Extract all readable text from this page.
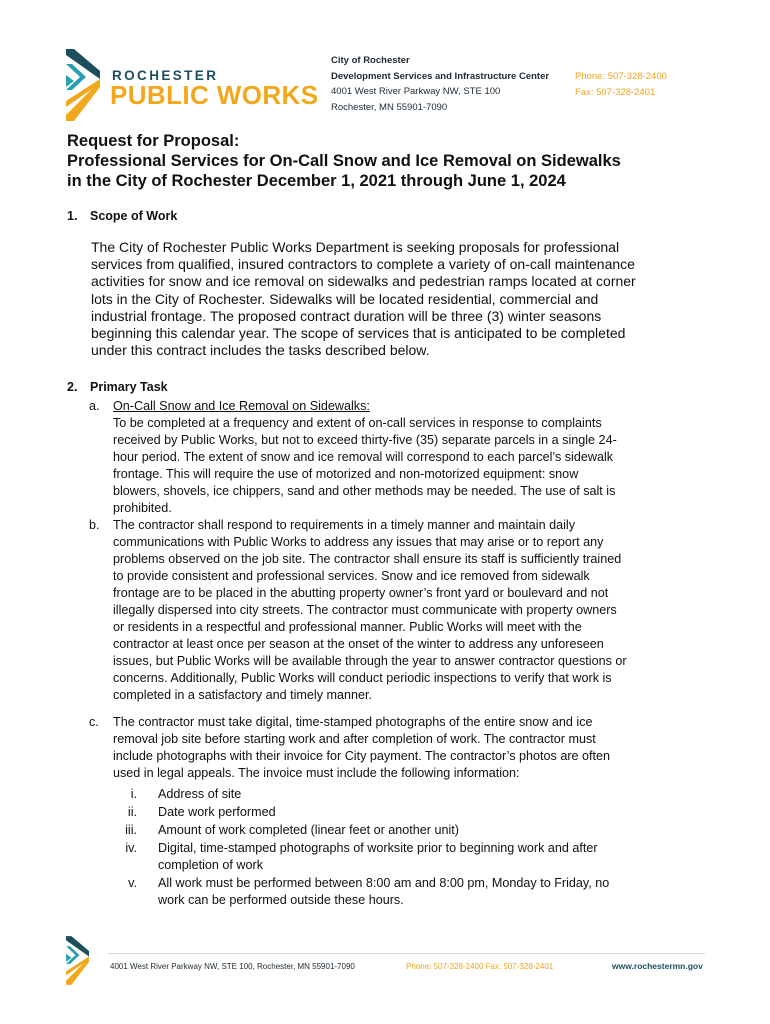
ROCHESTER
PUBLIC WORKS
City of Rochester
Development Services and Infrastructure Center
4001 West River Parkway NW, STE 100
Rochester, MN 55901-7090
Phone: 507-328-2400
Fax: 507-328-2401
Request for Proposal:
Professional Services for On-Call Snow and Ice Removal on Sidewalks
in the City of Rochester December 1, 2021 through June 1, 2024
1. Scope of Work
The City of Rochester Public Works Department is seeking proposals for professional
services from qualified, insured contractors to complete a variety of on-call maintenance
activities for snow and ice removal on sidewalks and pedestrian ramps located at corner
lots in the City of Rochester. Sidewalks will be located residential, commercial and
industrial frontage. The proposed contract duration will be three (3) winter seasons
beginning this calendar year. The scope of services that is anticipated to be completed
under this contract includes the tasks described below.
2. Primary Task
a.	On-Call Snow and Ice Removal on Sidewalks:
To be completed at a frequency and extent of on-call services in response to complaints
received by Public Works, but not to exceed thirty-five (35) separate parcels in a single 24-
hour period. The extent of snow and ice removal will correspond to each parcel’s sidewalk
frontage. This will require the use of motorized and non-motorized equipment: snow
blowers, shovels, ice chippers, sand and other methods may be needed. The use of salt is
prohibited.
b.	The contractor shall respond to requirements in a timely manner and maintain daily
communications with Public Works to address any issues that may arise or to report any
problems observed on the job site. The contractor shall ensure its staff is sufficiently trained
to provide consistent and professional services. Snow and ice removed from sidewalk
frontage are to be placed in the abutting property owner’s front yard or boulevard and not
illegally dispersed into city streets. The contractor must communicate with property owners
or residents in a respectful and professional manner. Public Works will meet with the
contractor at least once per season at the onset of the winter to address any unforeseen
issues, but Public Works will be available through the year to answer contractor questions or
concerns. Additionally, Public Works will conduct periodic inspections to verify that work is
completed in a satisfactory and timely manner.
c.	The contractor must take digital, time-stamped photographs of the entire snow and ice
removal job site before starting work and after completion of work. The contractor must
include photographs with their invoice for City payment. The contractor’s photos are often
used in legal appeals. The invoice must include the following information:
i. Address of site
ii. Date work performed
iii. Amount of work completed (linear feet or another unit)
iv. Digital, time-stamped photographs of worksite prior to beginning work and after
completion of work
v. All work must be performed between 8:00 am and 8:00 pm, Monday to Friday, no
work can be performed outside these hours.
4001 West River Parkway NW, STE 100, Rochester, MN 55901-7090	Phone: 507-328-2400 Fax: 507-328-2401	www.rochestermn.gov
